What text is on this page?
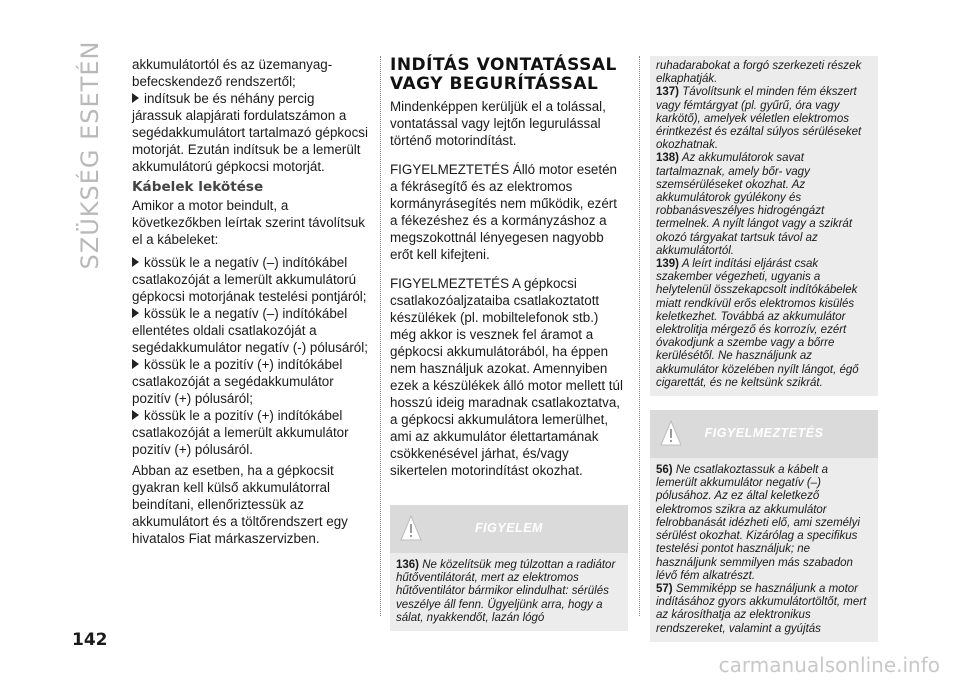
SZÜKSÉG ESETÉN
142
carmanualsonline.info

akkumulátortól és az üzemanyag-befecskendező rendszertől;

indítsuk be és néhány percig járassuk alapjárati fordulatszámon a segédakkumulátort tartalmazó gépkocsi motorját. Ezután indítsuk be a lemerült akkumulátorú gépkocsi motorját.

Kábelek lekötése

Amikor a motor beindult, a következőkben leírtak szerint távolítsuk el a kábeleket:

kössük le a negatív (–) indítókábel csatlakozóját a lemerült akkumulátorú gépkocsi motorjának testelési pontjáról;

kössük le a negatív (–) indítókábel ellentétes oldali csatlakozóját a segédakkumulátor negatív (-) pólusáról;

kössük le a pozitív (+) indítókábel csatlakozóját a segédakkumulátor pozitív (+) pólusáról;

kössük le a pozitív (+) indítókábel csatlakozóját a lemerült akkumulátor pozitív (+) pólusáról.

Abban az esetben, ha a gépkocsit gyakran kell külső akkumulátorral beindítani, ellenőriztessük az akkumulátort és a töltőrendszert egy hivatalos Fiat márkaszervizben.

INDÍTÁS VONTATÁSSAL VAGY BEGURÍTÁSSAL

Mindenképpen kerüljük el a tolással, vontatással vagy lejtőn legurulással történő motorindítást.

FIGYELMEZTETÉS Álló motor esetén a fékrásegítő és az elektromos kormányrásegítés nem működik, ezért a fékezéshez és a kormányzáshoz a megszokottnál lényegesen nagyobb erőt kell kifejteni.

FIGYELMEZTETÉS A gépkocsi csatlakozóaljzataiba csatlakoztatott készülékek (pl. mobiltelefonok stb.) még akkor is vesznek fel áramot a gépkocsi akkumulátorából, ha éppen nem használjuk azokat. Amennyiben ezek a készülékek álló motor mellett túl hosszú ideig maradnak csatlakoztatva, a gépkocsi akkumulátora lemerülhet, ami az akkumulátor élettartamának csökkenésével járhat, és/vagy sikertelen motorindítást okozhat.

FIGYELEM

136) Ne közelítsük meg túlzottan a radiátor hűtőventilátorát, mert az elektromos hűtőventilátor bármikor elindulhat: sérülés veszélye áll fenn. Ügyeljünk arra, hogy a sálat, nyakkendőt, lazán lógó

ruhadarabokat a forgó szerkezeti részek elkaphatják.

137) Távolítsunk el minden fém ékszert vagy fémtárgyat (pl. gyűrű, óra vagy karkötő), amelyek véletlen elektromos érintkezést és ezáltal súlyos sérüléseket okozhatnak.

138) Az akkumulátorok savat tartalmaznak, amely bőr- vagy szemsérüléseket okozhat. Az akkumulátorok gyúlékony és robbanásveszélyes hidrogéngázt termelnek. A nyílt lángot vagy a szikrát okozó tárgyakat tartsuk távol az akkumulátortól.

139) A leírt indítási eljárást csak szakember végezheti, ugyanis a helytelenül összekapcsolt indítókábelek miatt rendkívül erős elektromos kisülés keletkezhet. Továbbá az akkumulátor elektrolitja mérgező és korrozív, ezért óvakodjunk a szembe vagy a bőrre kerülésétől. Ne használjunk az akkumulátor közelében nyílt lángot, égő cigarettát, és ne keltsünk szikrát.

FIGYELMEZTETÉS

56) Ne csatlakoztassuk a kábelt a lemerült akkumulátor negatív (–) pólusához. Az ez által keletkező elektromos szikra az akkumulátor felrobbanását idézheti elő, ami személyi sérülést okozhat. Kizárólag a specifikus testelési pontot használjuk; ne használjunk semmilyen más szabadon lévő fém alkatrészt.

57) Semmiképp se használjunk a motor indításához gyors akkumulátortöltőt, mert az károsíthatja az elektronikus rendszereket, valamint a gyújtás
